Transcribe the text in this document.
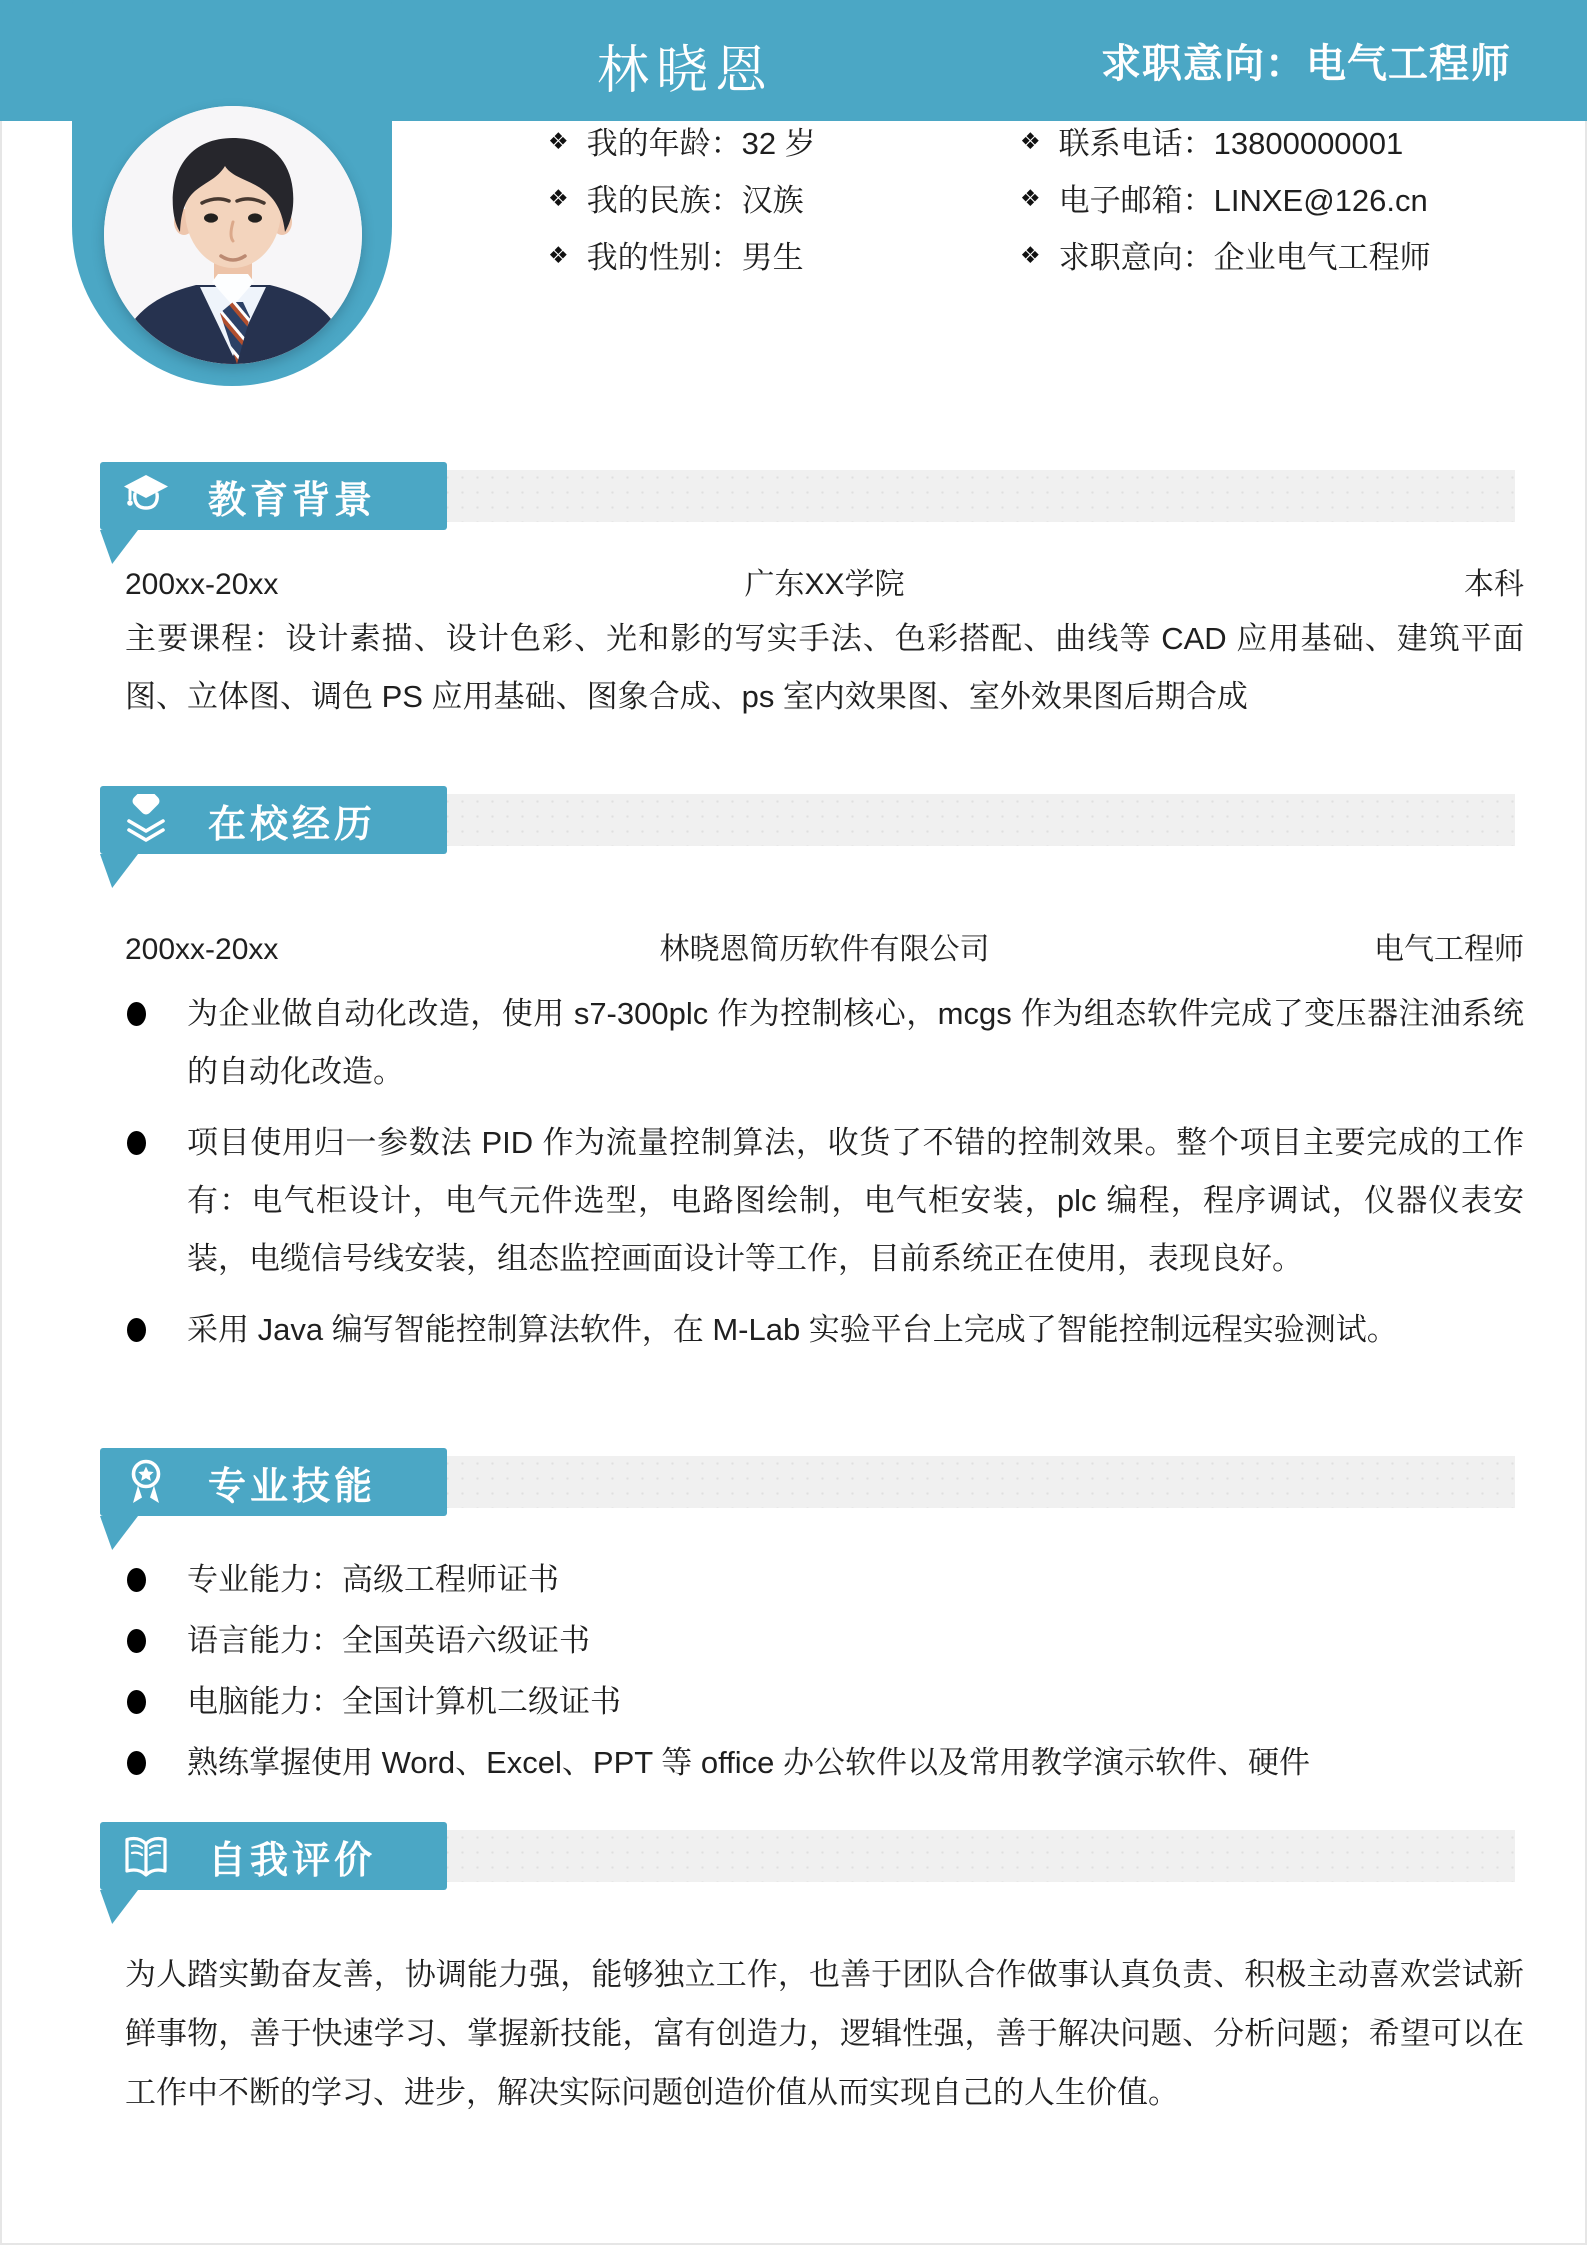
林晓恩	求职意向：电气工程师
❖ 我的年龄：32 岁
❖ 我的民族：汉族
❖ 我的性别：男生
❖ 联系电话：13800000001
❖ 电子邮箱：LINXE@126.cn
❖ 求职意向：企业电气工程师
教育背景
200xx-20xx	广东XX学院	本科
主要课程：设计素描、设计色彩、光和影的写实手法、色彩搭配、曲线等 CAD 应用基础、建筑平面图、立体图、调色 PS 应用基础、图象合成、ps 室内效果图、室外效果图后期合成
在校经历
200xx-20xx	林晓恩简历软件有限公司	电气工程师
为企业做自动化改造，使用 s7-300plc 作为控制核心，mcgs 作为组态软件完成了变压器注油系统的自动化改造。
项目使用归一参数法 PID 作为流量控制算法，收货了不错的控制效果。整个项目主要完成的工作有：电气柜设计，电气元件选型，电路图绘制，电气柜安装，plc 编程，程序调试，仪器仪表安装，电缆信号线安装，组态监控画面设计等工作，目前系统正在使用，表现良好。
采用 Java 编写智能控制算法软件，在 M-Lab 实验平台上完成了智能控制远程实验测试。
专业技能
专业能力：高级工程师证书
语言能力：全国英语六级证书
电脑能力：全国计算机二级证书
熟练掌握使用 Word、Excel、PPT 等 office 办公软件以及常用教学演示软件、硬件
自我评价
为人踏实勤奋友善，协调能力强，能够独立工作，也善于团队合作做事认真负责、积极主动喜欢尝试新鲜事物，善于快速学习、掌握新技能，富有创造力，逻辑性强，善于解决问题、分析问题；希望可以在工作中不断的学习、进步，解决实际问题创造价值从而实现自己的人生价值。
